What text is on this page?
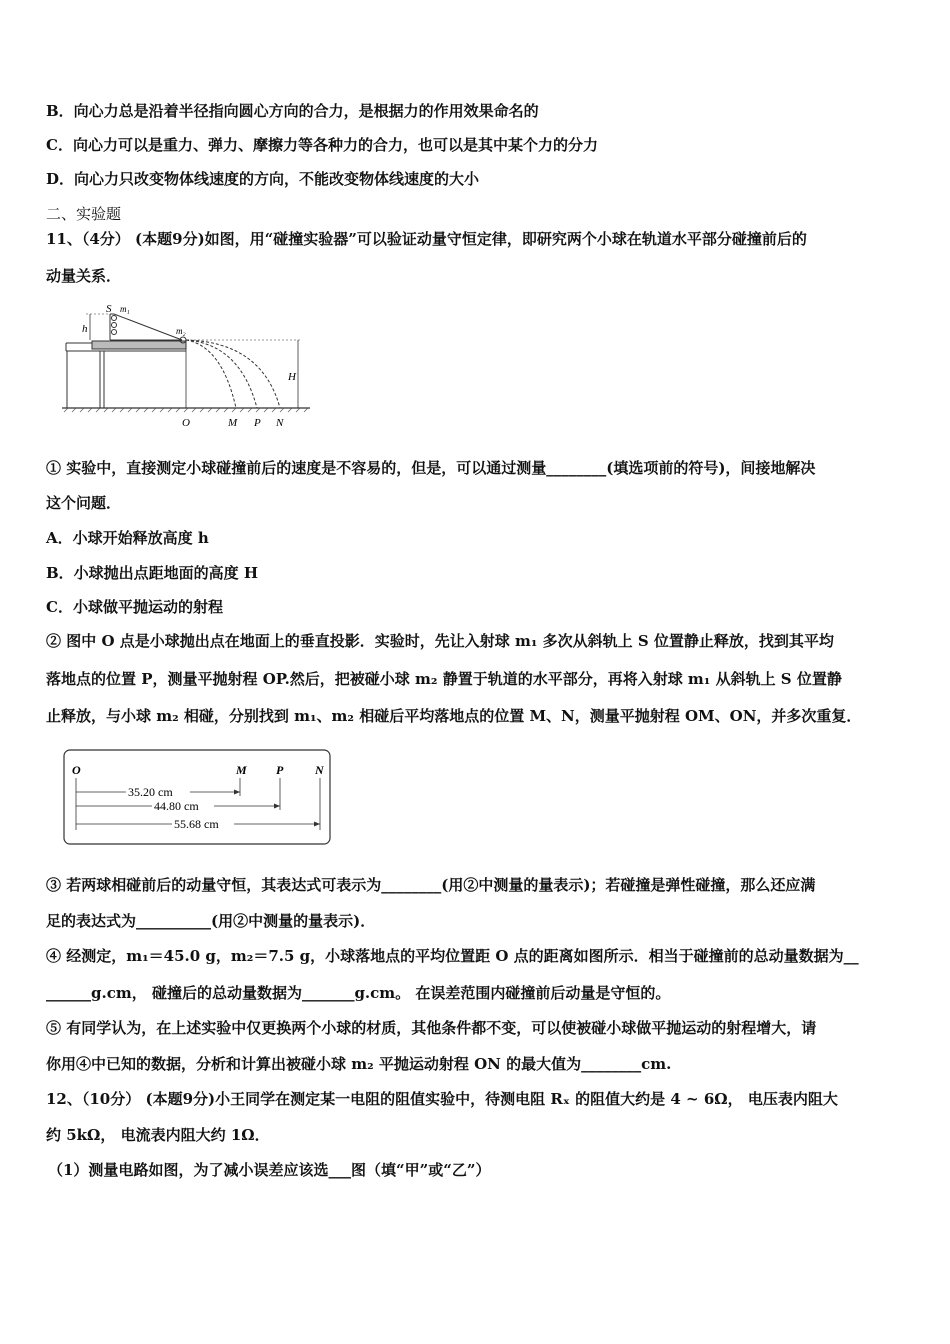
B．向心力总是沿着半径指向圆心方向的合力，是根据力的作用效果命名的
C．向心力可以是重力、弹力、摩擦力等各种力的合力，也可以是其中某个力的分力
D．向心力只改变物体线速度的方向，不能改变物体线速度的大小
二、实验题
11、（4分） (本题9分)如图，用“碰撞实验器”可以验证动量守恒定律，即研究两个小球在轨道水平部分碰撞前后的
动量关系．
S m₁
h	m₂
H
O	M P N
① 实验中，直接测定小球碰撞前后的速度是不容易的，但是，可以通过测量________(填选项前的符号)，间接地解决
这个问题．
A．小球开始释放高度 h
B．小球抛出点距地面的高度 H
C．小球做平抛运动的射程
② 图中 O 点是小球抛出点在地面上的垂直投影．实验时，先让入射球 m₁ 多次从斜轨上 S 位置静止释放，找到其平均
落地点的位置 P，测量平抛射程 OP.然后，把被碰小球 m₂ 静置于轨道的水平部分，再将入射球 m₁ 从斜轨上 S 位置静
止释放，与小球 m₂ 相碰，分别找到 m₁、m₂ 相碰后平均落地点的位置 M、N，测量平抛射程 OM、ON，并多次重复．
O	M P	N
35.20 cm
44.80 cm
55.68 cm
③ 若两球相碰前后的动量守恒，其表达式可表示为________(用②中测量的量表示)；若碰撞是弹性碰撞，那么还应满
足的表达式为__________(用②中测量的量表示)．
④ 经测定，m₁＝45.0 g，m₂＝7.5 g，小球落地点的平均位置距 O 点的距离如图所示．相当于碰撞前的总动量数据为__
______g.cm， 碰撞后的总动量数据为_______g.cm。 在误差范围内碰撞前后动量是守恒的。
⑤ 有同学认为，在上述实验中仅更换两个小球的材质，其他条件都不变，可以使被碰小球做平抛运动的射程增大，请
你用④中已知的数据，分析和计算出被碰小球 m₂ 平抛运动射程 ON 的最大值为________cm.
12、（10分） (本题9分)小王同学在测定某一电阻的阻值实验中，待测电阻 Rₓ 的阻值大约是 4 ~ 6Ω， 电压表内阻大
约 5kΩ， 电流表内阻大约 1Ω．
（1）测量电路如图，为了减小误差应该选___图（填“甲”或“乙”）
